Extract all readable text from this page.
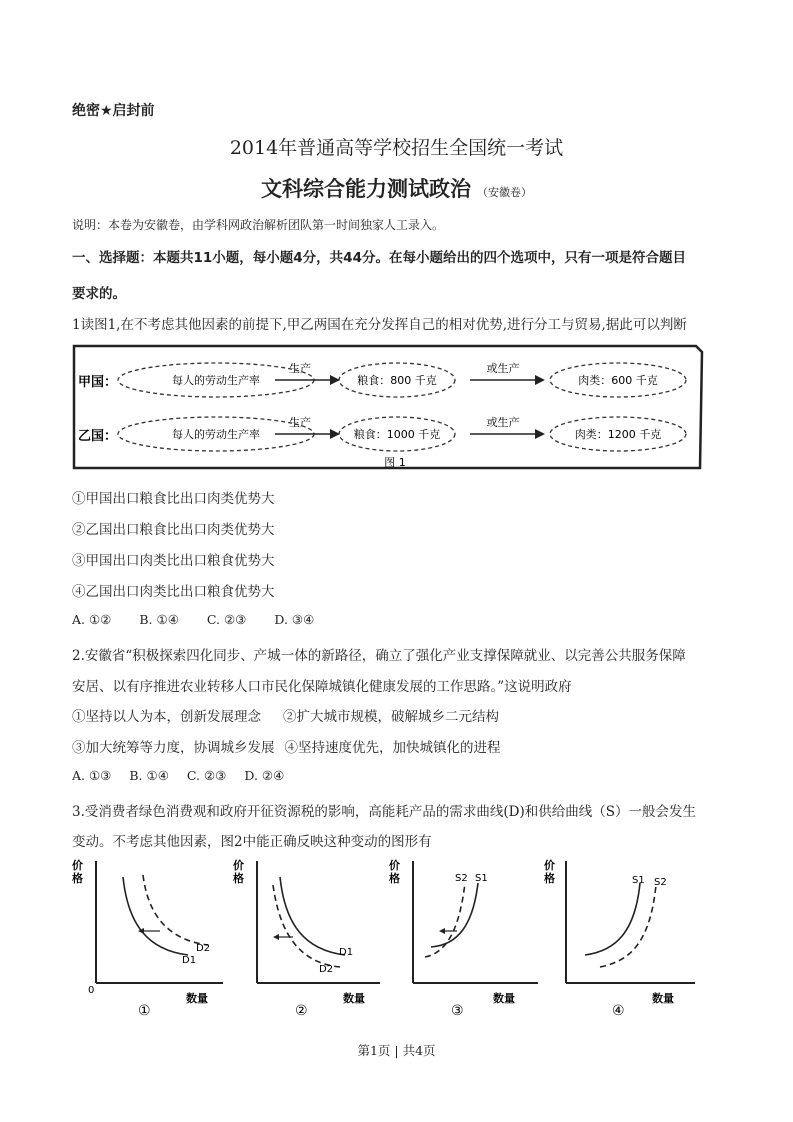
绝密★启封前
2014年普通高等学校招生全国统一考试
文科综合能力测试政治 （安徽卷）
说明：本卷为安徽卷，由学科网政治解析团队第一时间独家人工录入。
一、选择题：本题共11小题，每小题4分，共44分。在每小题给出的四个选项中，只有一项是符合题目
要求的。
1读图1,在不考虑其他因素的前提下,甲乙两国在充分发挥自己的相对优势,进行分工与贸易,据此可以判断
甲国：	每人的劳动生产率
生产
粮食：800 千克
或生产
肉类：600 千克
乙国：	每人的劳动生产率
生产
粮食：1000 千克
或生产
肉类：1200 千克
图 1
①甲国出口粮食比出口肉类优势大
②乙国出口粮食比出口肉类优势大
③甲国出口肉类比出口粮食优势大
④乙国出口肉类比出口粮食优势大
A. ①② B. ①④ C. ②③ D. ③④
2.安徽省“积极探索四化同步、产城一体的新路径，确立了强化产业支撑保障就业、以完善公共服务保障
安居、以有序推进农业转移人口市民化保障城镇化健康发展的工作思路。”这说明政府
①坚持以人为本，创新发展理念 ②扩大城市规模，破解城乡二元结构
③加大统筹等力度，协调城乡发展 ④坚持速度优先，加快城镇化的进程
A. ①③ B. ①④ C. ②③ D. ②④
3.受消费者绿色消费观和政府开征资源税的影响，高能耗产品的需求曲线(D)和供给曲线（S）一般会发生
变动。不考虑其他因素，图2中能正确反映这种变动的图形有
价
格
0
数量
D2
D1
①
价
格
数量
D1
D2
②
价
格
数量
S2 S1
③
价
格
数量
S1 S2
④
第1页 | 共4页
